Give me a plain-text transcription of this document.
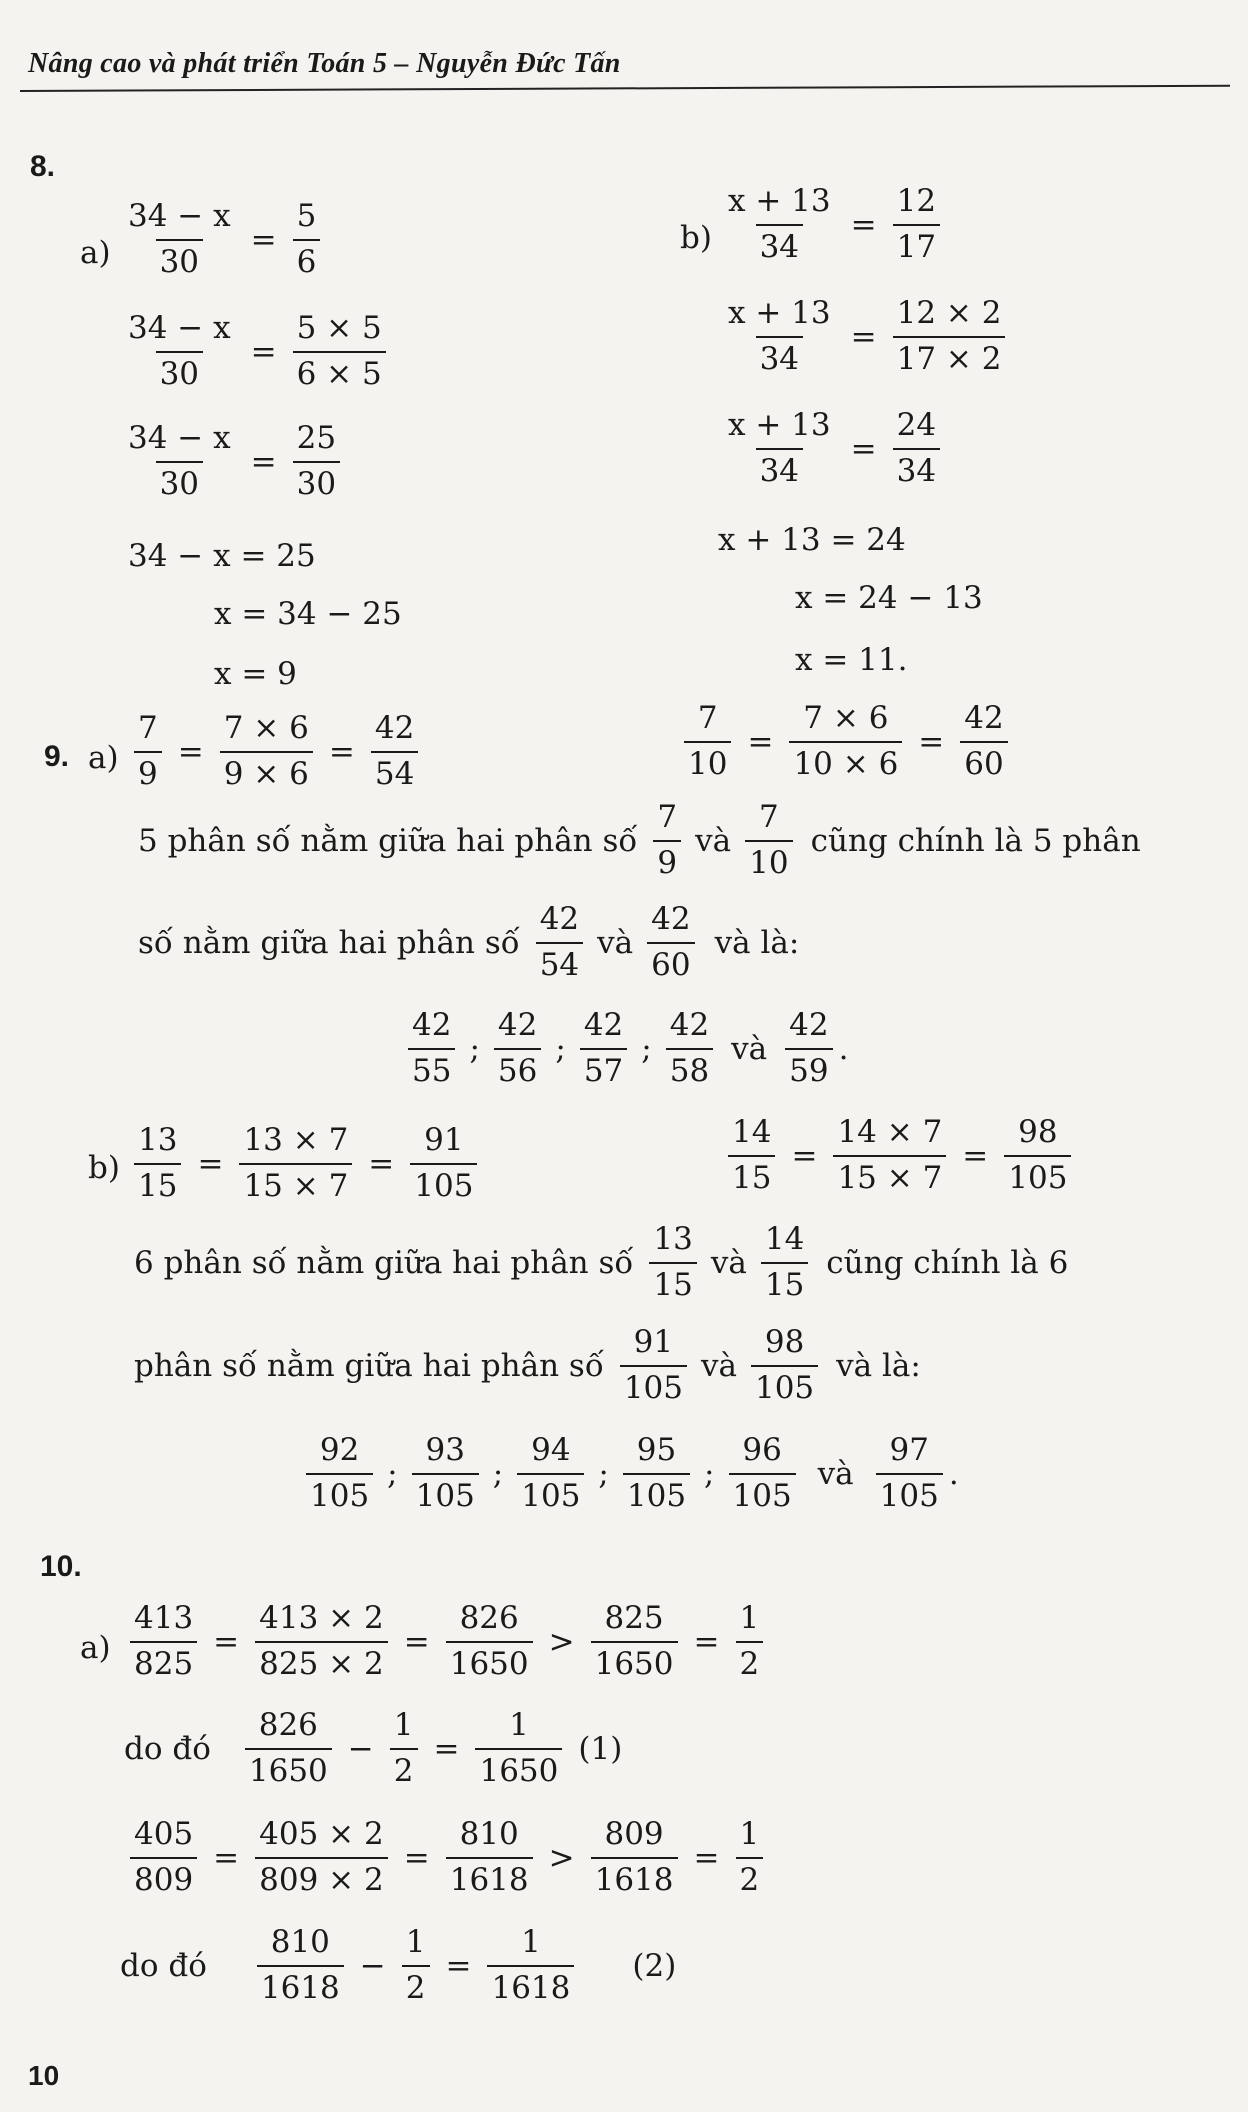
Nâng cao và phát triển Toán 5 – Nguyễn Đức Tấn
8.
$a) \frac{34 - x}{30} = \frac{5}{6}$
$\frac{34 - x}{30} = \frac{5 \times 5}{6 \times 5}$
$\frac{34 - x}{30} = \frac{25}{30}$
34 − x = 25
x = 34 − 25
x = 9
$b) \frac{x + 13}{34} = \frac{12}{17}$
$\frac{x + 13}{34} = \frac{12 \times 2}{17 \times 2}$
$\frac{x + 13}{34} = \frac{24}{34}$
x + 13 = 24
x = 24 − 13
x = 11.
9. $a) \frac{7}{9} = \frac{7 \times 6}{9 \times 6} = \frac{42}{54}$	$\frac{7}{10} = \frac{7 \times 6}{10 \times 6} = \frac{42}{60}$
5 phân số nằm giữa hai phân số
7
9
và
7
10
cũng chính là 5 phân
số nằm giữa hai phân số
42
54
và
42
60
và là:
42
55
;
42
56
;
42
57
;
42
58
và
42
59
.
$b) \frac{13}{15} = \frac{13 \times 7}{15 \times 7} = \frac{91}{105}$	$\frac{14}{15} = \frac{14 \times 7}{15 \times 7} = \frac{98}{105}$
6 phân số nằm giữa hai phân số
13
15
và
14
15
cũng chính là 6
phân số nằm giữa hai phân số
91
105
và
98
105
và là:
92
105
;
93
105
;
94
105
;
95
105
;
96
105
và
97
105
.
10.
$a) \frac{413}{825} = \frac{413 \times 2}{825 \times 2} = \frac{826}{1650} > \frac{825}{1650} = \frac{1}{2}$
do đó
826
1650
− $\frac{1}{2} = \frac{1}{1650} (1)$
$\frac{405}{809} = \frac{405 \times 2}{809 \times 2} = \frac{810}{1618} > \frac{809}{1618} = \frac{1}{2}$
do đó
810
1618
− $\frac{1}{2} = \frac{1}{1618} (2)$
10
